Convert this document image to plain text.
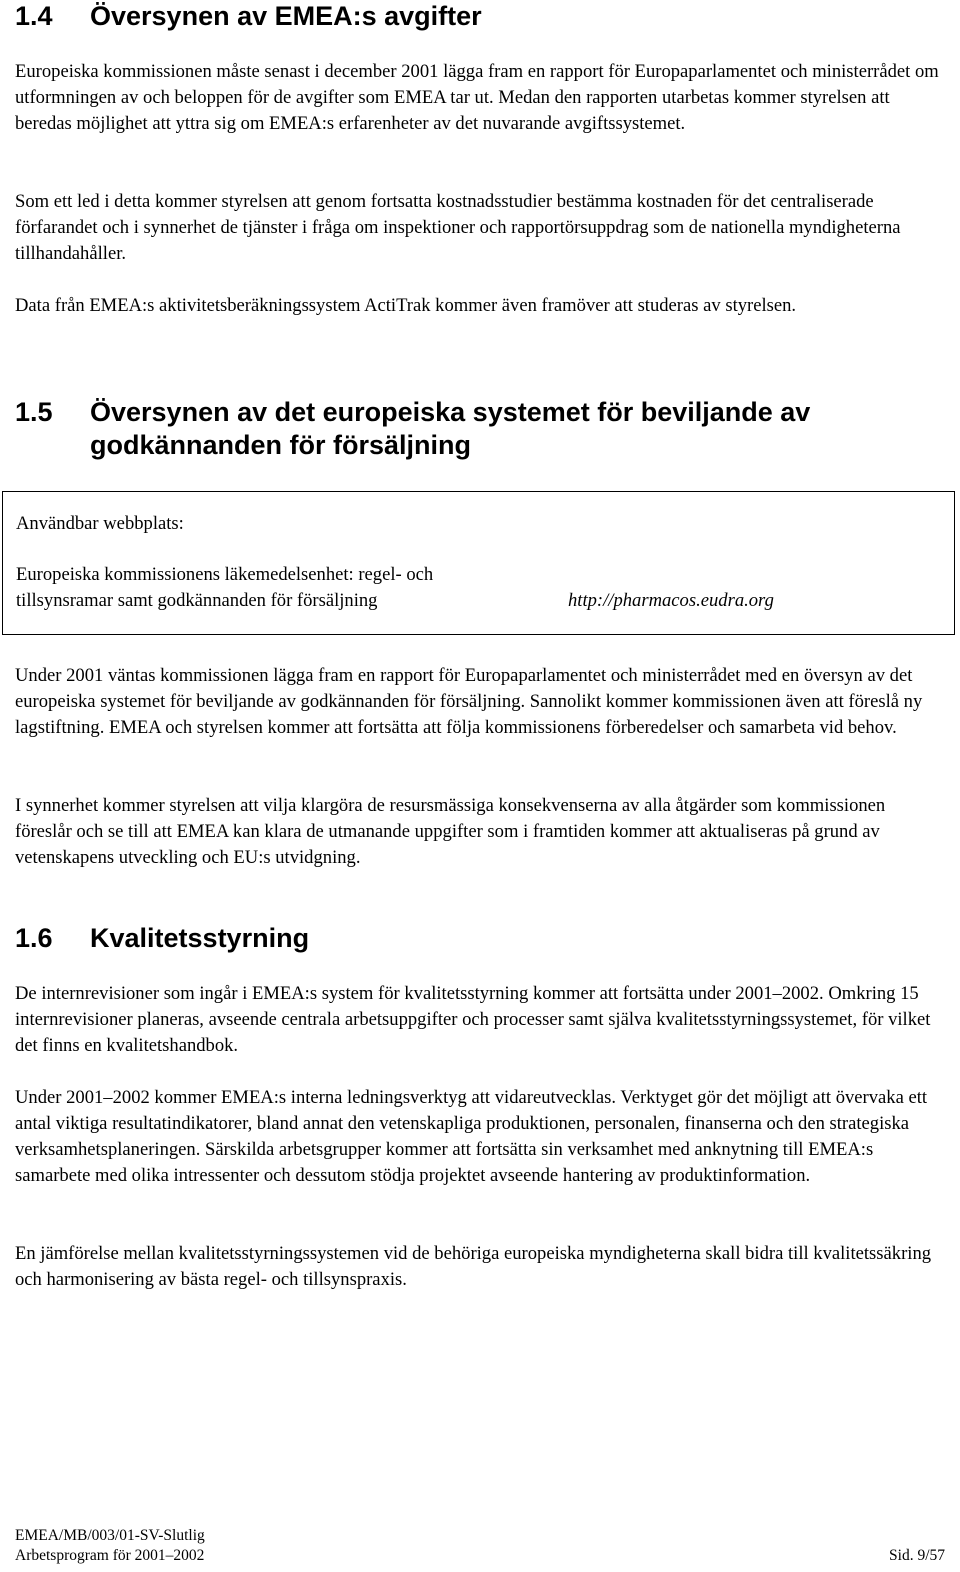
1.4 Översynen av EMEA:s avgifter

Europeiska kommissionen måste senast i december 2001 lägga fram en rapport för Europaparlamentet och ministerrådet om utformningen av och beloppen för de avgifter som EMEA tar ut. Medan den rapporten utarbetas kommer styrelsen att beredas möjlighet att yttra sig om EMEA:s erfarenheter av det nuvarande avgiftssystemet.

Som ett led i detta kommer styrelsen att genom fortsatta kostnadsstudier bestämma kostnaden för det centraliserade förfarandet och i synnerhet de tjänster i fråga om inspektioner och rapportörsuppdrag som de nationella myndigheterna tillhandahåller.

Data från EMEA:s aktivitetsberäkningssystem ActiTrak kommer även framöver att studeras av styrelsen.

1.5 Översynen av det europeiska systemet för beviljande av godkännanden för försäljning
Användbar webbplats:
Europeiska kommissionens läkemedelsenhet: regel- och tillsynsramar samt godkännanden för försäljning	http://pharmacos.eudra.org

Under 2001 väntas kommissionen lägga fram en rapport för Europaparlamentet och ministerrådet med en översyn av det europeiska systemet för beviljande av godkännanden för försäljning. Sannolikt kommer kommissionen även att föreslå ny lagstiftning. EMEA och styrelsen kommer att fortsätta att följa kommissionens förberedelser och samarbeta vid behov.

I synnerhet kommer styrelsen att vilja klargöra de resursmässiga konsekvenserna av alla åtgärder som kommissionen föreslår och se till att EMEA kan klara de utmanande uppgifter som i framtiden kommer att aktualiseras på grund av vetenskapens utveckling och EU:s utvidgning.

1.6 Kvalitetsstyrning

De internrevisioner som ingår i EMEA:s system för kvalitetsstyrning kommer att fortsätta under 2001–2002. Omkring 15 internrevisioner planeras, avseende centrala arbetsuppgifter och processer samt själva kvalitetsstyrningssystemet, för vilket det finns en kvalitetshandbok.

Under 2001–2002 kommer EMEA:s interna ledningsverktyg att vidareutvecklas. Verktyget gör det möjligt att övervaka ett antal viktiga resultatindikatorer, bland annat den vetenskapliga produktionen, personalen, finanserna och den strategiska verksamhetsplaneringen. Särskilda arbetsgrupper kommer att fortsätta sin verksamhet med anknytning till EMEA:s samarbete med olika intressenter och dessutom stödja projektet avseende hantering av produktinformation.

En jämförelse mellan kvalitetsstyrningssystemen vid de behöriga europeiska myndigheterna skall bidra till kvalitetssäkring och harmonisering av bästa regel- och tillsynspraxis.

EMEA/MB/003/01-SV-Slutlig
Arbetsprogram för 2001–2002	Sid. 9/57
